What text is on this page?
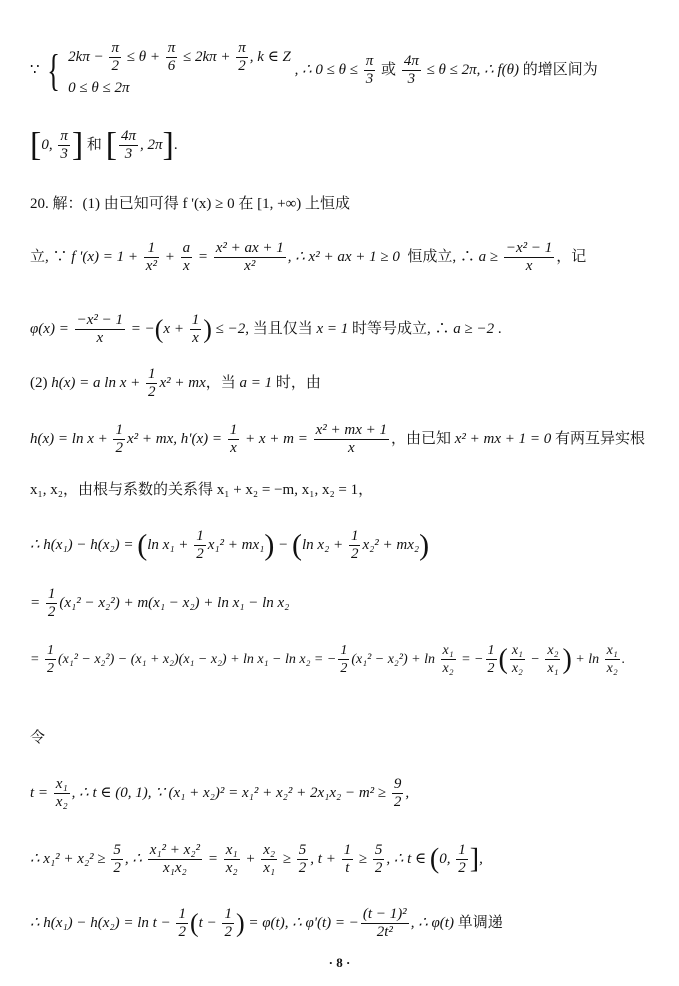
∵ { $2k\pi - \frac{\pi}{2} \le \theta + \frac{\pi}{6} \le 2k\pi + \frac{\pi}{2}$ , k ∈ Z
0 ≤ θ ≤ 2π
, ∴ $0 \le \theta \le \frac{\pi}{3}$ 或 $\frac{4\pi}{3} \le \theta \le 2\pi$, ∴ f(θ) 的增区间为
[0, $\frac{\pi}{3}$ ] 和 [ $\frac{4\pi}{3}$ , 2π].
20. 解：(1) 由已知可得 f '(x) ≥ 0 在 [1, +∞) 上恒成
立, ∵ f '$(x) = 1 + \frac{1}{\text{x²}} + \frac{a}{x} = \frac{\text{x² + ax + 1}}{\text{x²}}$ , ∴ x² + ax + 1 ≥ 0  恒成立, ∴ $a \ge \frac{\text{−x² − 1}}{x}$ ，记
$\varphi(x) = \frac{\text{−x² − 1}}{x} = -(x + \frac{1}{x}$ ) ≤ −2, 当且仅当 x = 1 时等号成立, ∴ a ≥ −2 .
(2) h(x) = a $\ln x + \frac{1}{2} x^2$ + mx，当 a = 1 时，由
$h(x) = \ln x + \frac{1}{2} x^2$ + mx, $h'(x) = \frac{1}{x} + x + m = \frac{\text{x² + mx + 1}}{x}$ ，由已知 x² + mx + 1 = 0 有两互异实根
x₁, x₂，由根与系数的关系得 x₁ + x₂ = −m, x₁, x₂ = 1，
∴ h(x₁) − h(x₂) = (ln $x_1 + \frac{1}{2} x_1^2 + mx_1) - (\ln$ $x_2 + \frac{1}{2} x_2^2 + mx_2$)
= $\frac{1}{2} (x_1^2 - x_2^2) + m(x_1 - x_2) + \ln x_1 - \ln x_2$
= $\frac{1}{2} (x_1^2 - x_2^2) - (x_1 + x_2)(x_1 - x_2) + \ln x_1 - \ln x_2$ = − $\frac{1}{2} (x_1^2 - x_2^2) + \ln \frac{\text{x₁}}{\text{x₂}}$ = − $\frac{1}{2}$ ( $\frac{\text{x₁}}{\text{x₂}} - \frac{\text{x₂}}{\text{x₁}}$ ) + $\ln \frac{\text{x₁}}{\text{x₂}}$ .
令
$t = \frac{\text{x₁}}{\text{x₂}}$ , ∴ t ∈ (0, 1), ∵ $(x_1 + x_2)^2 = x_1^2 + x_2^2 + 2x_1x_2 - m^2 \ge \frac{9}{2}$ ,
∴ $x_1^2 + x_2^2 \ge \frac{5}{2}$ , ∴ $\frac{\text{x₁² + x₂²}}{\text{x₁x₂}} = \frac{\text{x₁}}{\text{x₂}} + \frac{\text{x₂}}{\text{x₁}} \ge \frac{5}{2}$ , $t + \frac{1}{t} \ge \frac{5}{2}$ , ∴ t ∈ (0, $\frac{1}{2}$ ],
∴ $h(x_1) - h(x_2) = \ln t - \frac{1}{2} (t - \frac{1}{2}$ ) = φ(t), ∴ φ'(t) = − $\frac{\text{(t − 1)²}}{\text{2t²}}$ , ∴ φ(t) 单调递
· 8 ·
